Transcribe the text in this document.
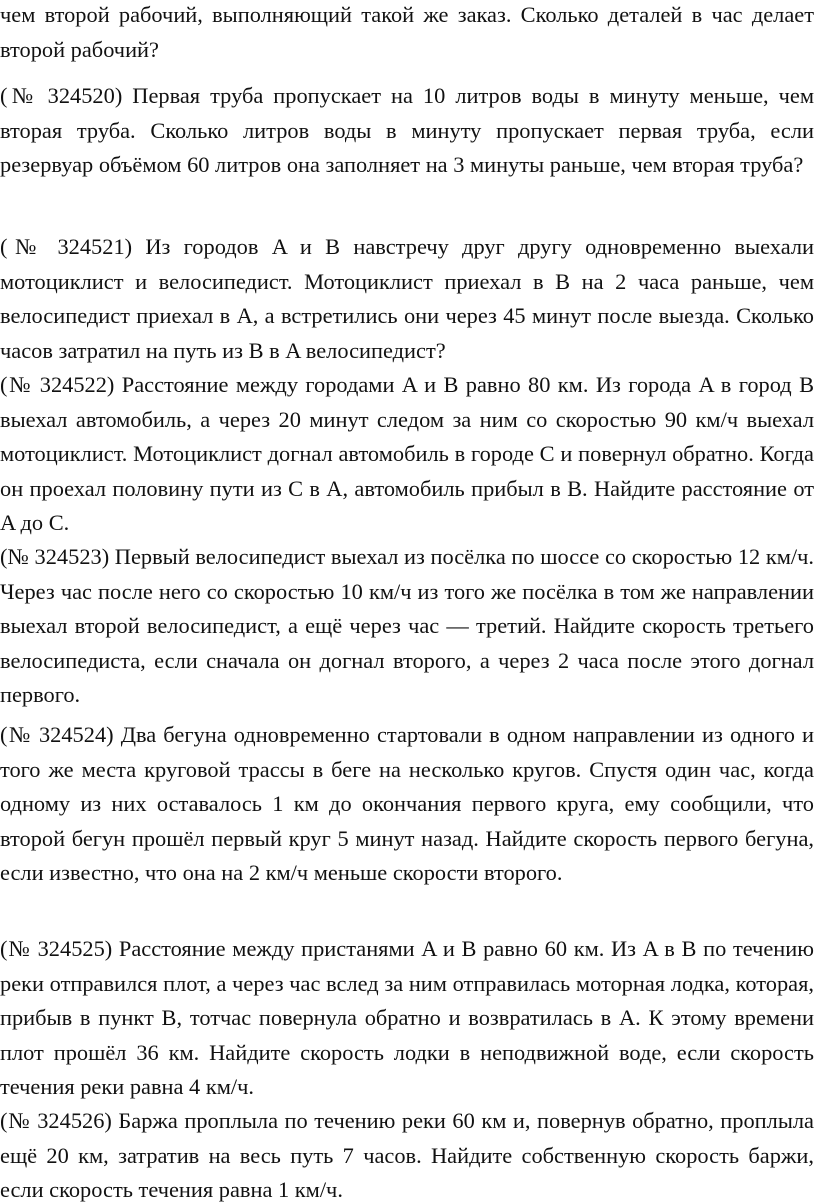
чем второй рабочий, выполняющий такой же заказ. Сколько деталей в час делает второй рабочий?

(№ 324520) Первая труба пропускает на 10 литров воды в минуту меньше, чем вторая труба. Сколько литров воды в минуту пропускает первая труба, если резервуар объёмом 60 литров она заполняет на 3 минуты раньше, чем вторая труба?

(№ 324521) Из городов A и B навстречу друг другу одновременно выехали мотоциклист и велосипедист. Мотоциклист приехал в B на 2 часа раньше, чем велосипедист приехал в A, а встретились они через 45 минут после выезда. Сколько часов затратил на путь из B в A велосипедист?

(№ 324522) Расстояние между городами A и B равно 80 км. Из города A в город B выехал автомобиль, а через 20 минут следом за ним со скоростью 90 км/ч выехал мотоциклист. Мотоциклист догнал автомобиль в городе C и повернул обратно. Когда он проехал половину пути из C в A, автомобиль прибыл в B. Найдите расстояние от A до C.

(№ 324523) Первый велосипедист выехал из посёлка по шоссе со скоростью 12 км/ч. Через час после него со скоростью 10 км/ч из того же посёлка в том же направлении выехал второй велосипедист, а ещё через час — третий. Найдите скорость третьего велосипедиста, если сначала он догнал второго, а через 2 часа после этого догнал первого.

(№ 324524) Два бегуна одновременно стартовали в одном направлении из одного и того же места круговой трассы в беге на несколько кругов. Спустя один час, когда одному из них оставалось 1 км до окончания первого круга, ему сообщили, что второй бегун прошёл первый круг 5 минут назад. Найдите скорость первого бегуна, если известно, что она на 2 км/ч меньше скорости второго.

(№ 324525) Расстояние между пристанями A и B равно 60 км. Из A в B по течению реки отправился плот, а через час вслед за ним отправилась моторная лодка, которая, прибыв в пункт B, тотчас повернула обратно и возвратилась в A. К этому времени плот прошёл 36 км. Найдите скорость лодки в неподвижной воде, если скорость течения реки равна 4 км/ч.

(№ 324526) Баржа проплыла по течению реки 60 км и, повернув обратно, проплыла ещё 20 км, затратив на весь путь 7 часов. Найдите собственную скорость баржи, если скорость течения равна 1 км/ч.
